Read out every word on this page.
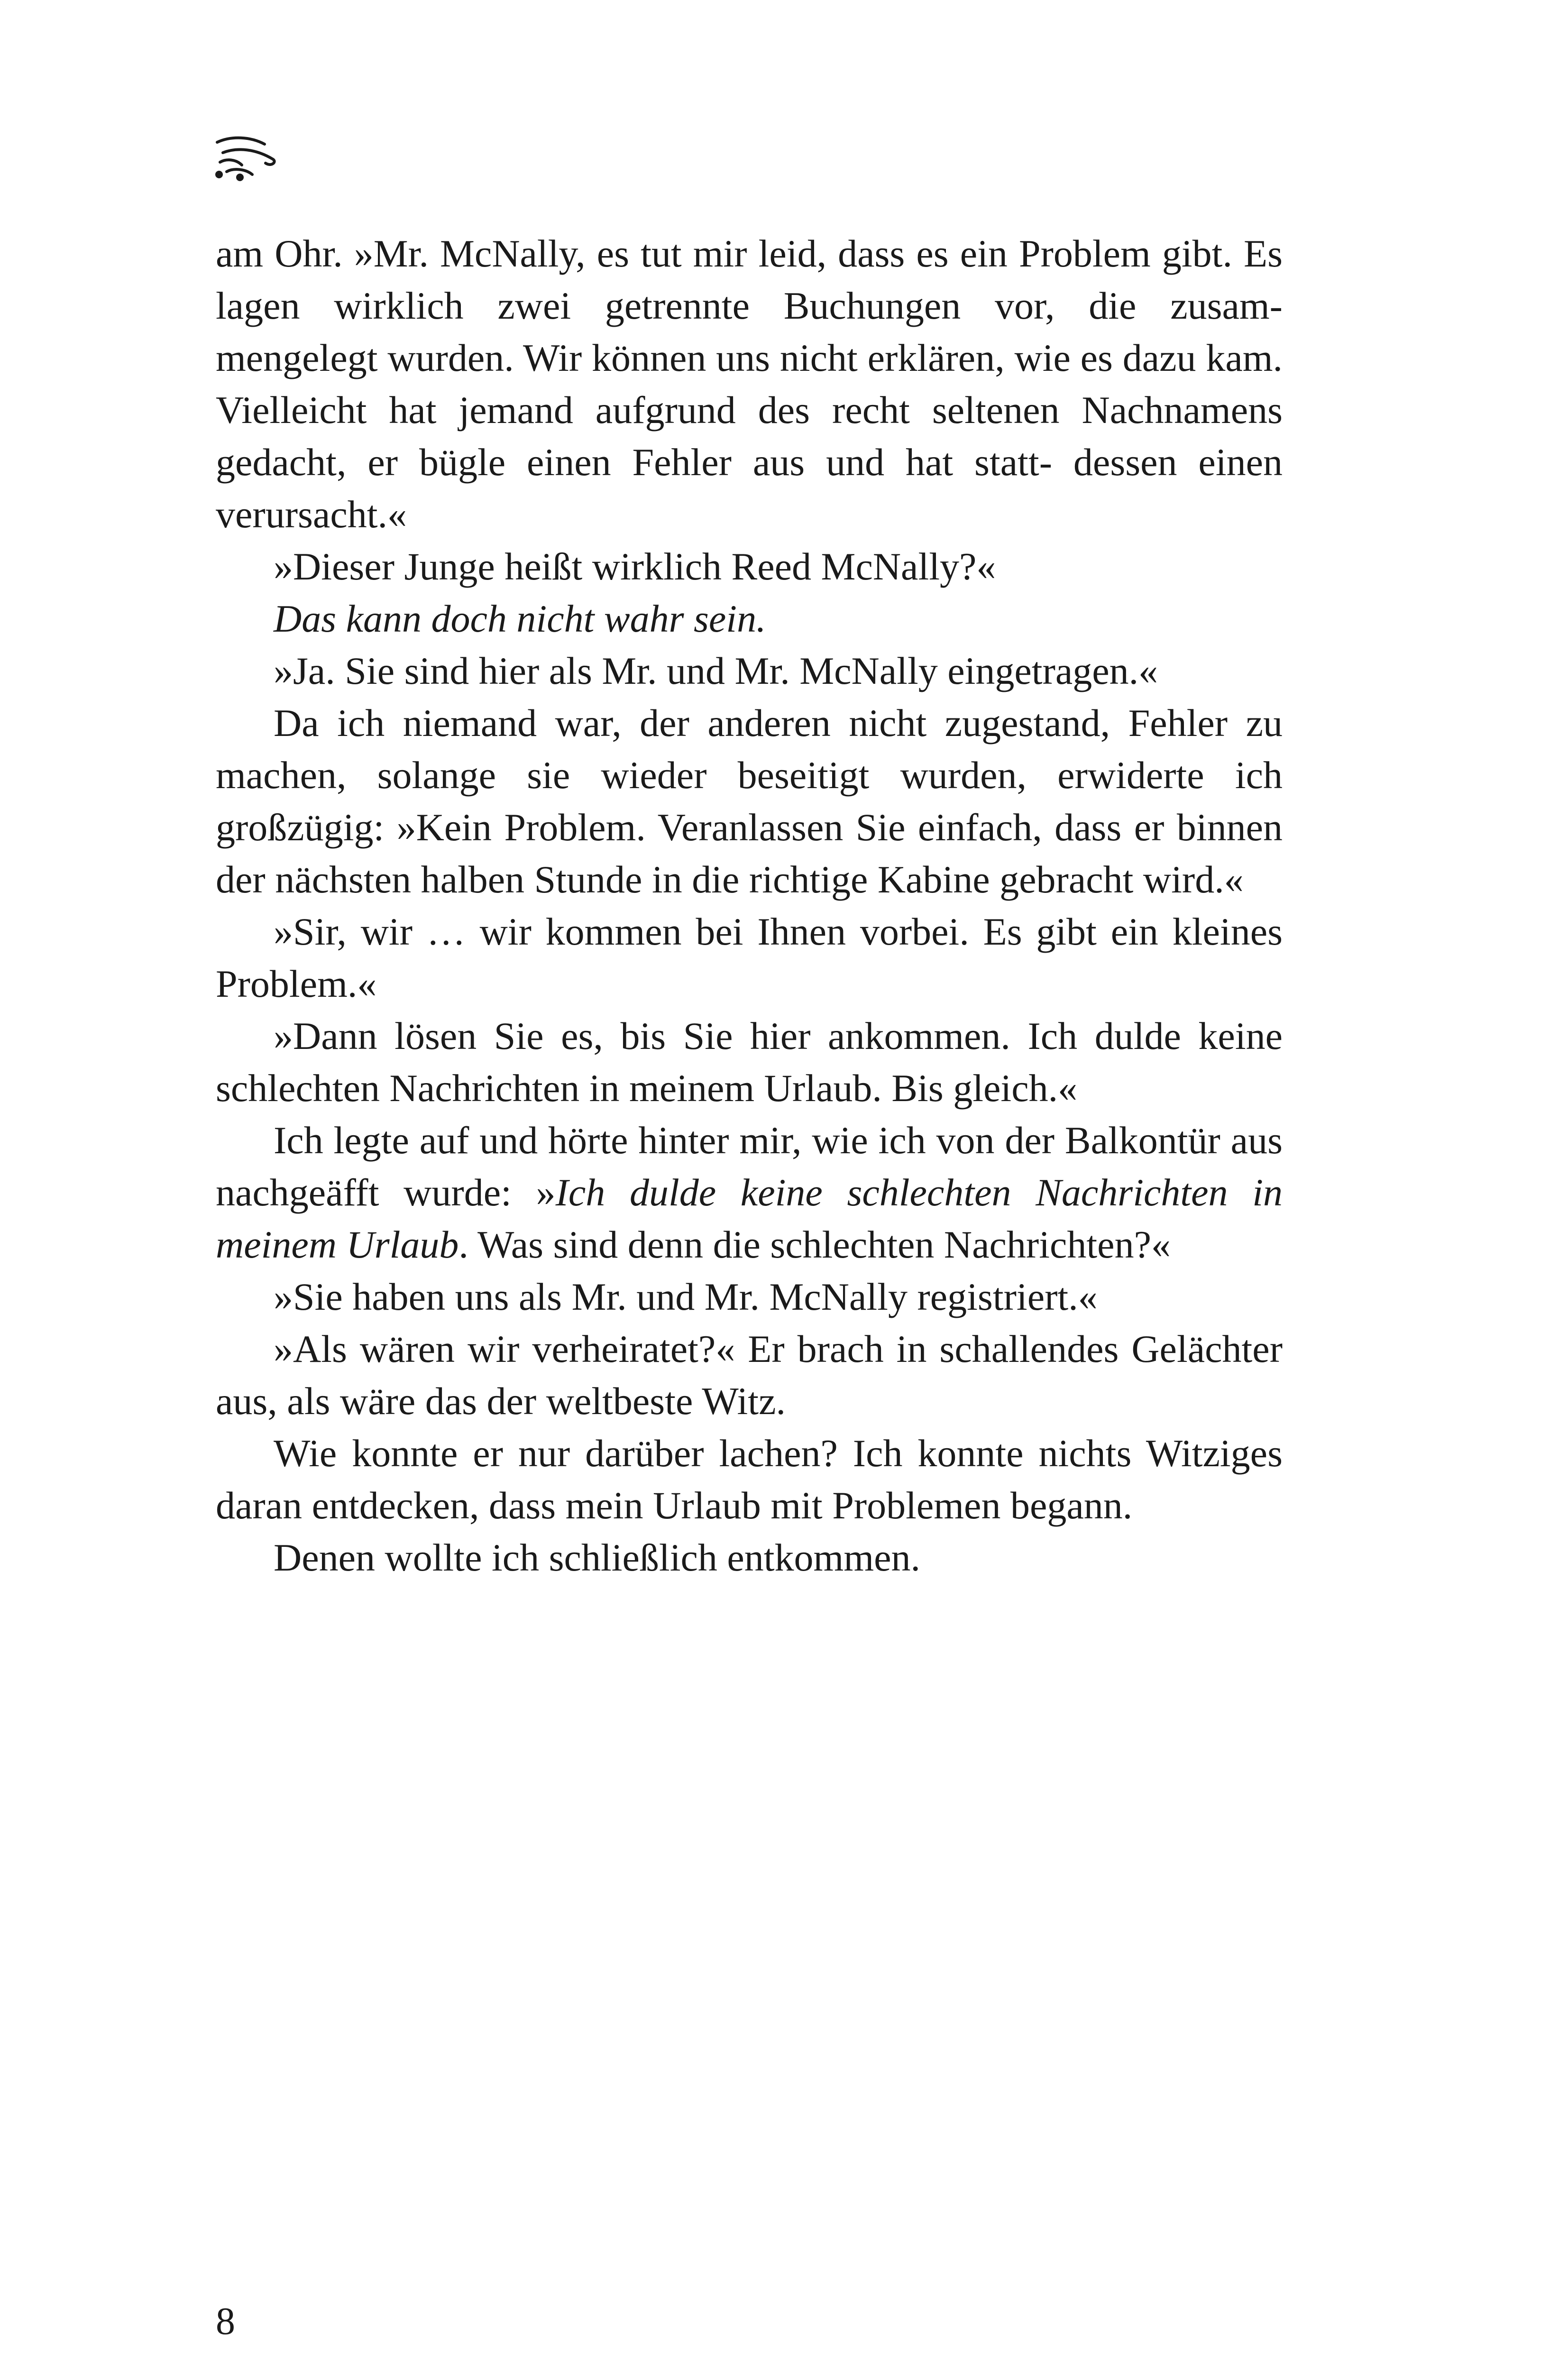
am Ohr. »Mr. McNally, es tut mir leid, dass es ein Problem gibt. Es lagen wirklich zwei getrennte Buchungen vor, die zusam- mengelegt wurden. Wir können uns nicht erklären, wie es dazu kam. Vielleicht hat jemand aufgrund des recht seltenen Nachnamens gedacht, er bügle einen Fehler aus und hat statt- dessen einen verursacht.«

»Dieser Junge heißt wirklich Reed McNally?«

Das kann doch nicht wahr sein.

»Ja. Sie sind hier als Mr. und Mr. McNally eingetragen.«

Da ich niemand war, der anderen nicht zugestand, Fehler zu machen, solange sie wieder beseitigt wurden, erwiderte ich großzügig: »Kein Problem. Veranlassen Sie einfach, dass er binnen der nächsten halben Stunde in die richtige Kabine gebracht wird.«

»Sir, wir … wir kommen bei Ihnen vorbei. Es gibt ein kleines Problem.«

»Dann lösen Sie es, bis Sie hier ankommen. Ich dulde keine schlechten Nachrichten in meinem Urlaub. Bis gleich.«

Ich legte auf und hörte hinter mir, wie ich von der Balkontür aus nachgeäfft wurde: »Ich dulde keine schlechten Nachrichten in meinem Urlaub. Was sind denn die schlechten Nachrichten?«

»Sie haben uns als Mr. und Mr. McNally registriert.«

»Als wären wir verheiratet?« Er brach in schallendes Gelächter aus, als wäre das der weltbeste Witz.

Wie konnte er nur darüber lachen? Ich konnte nichts Witziges daran entdecken, dass mein Urlaub mit Problemen begann.

Denen wollte ich schließlich entkommen.

8
